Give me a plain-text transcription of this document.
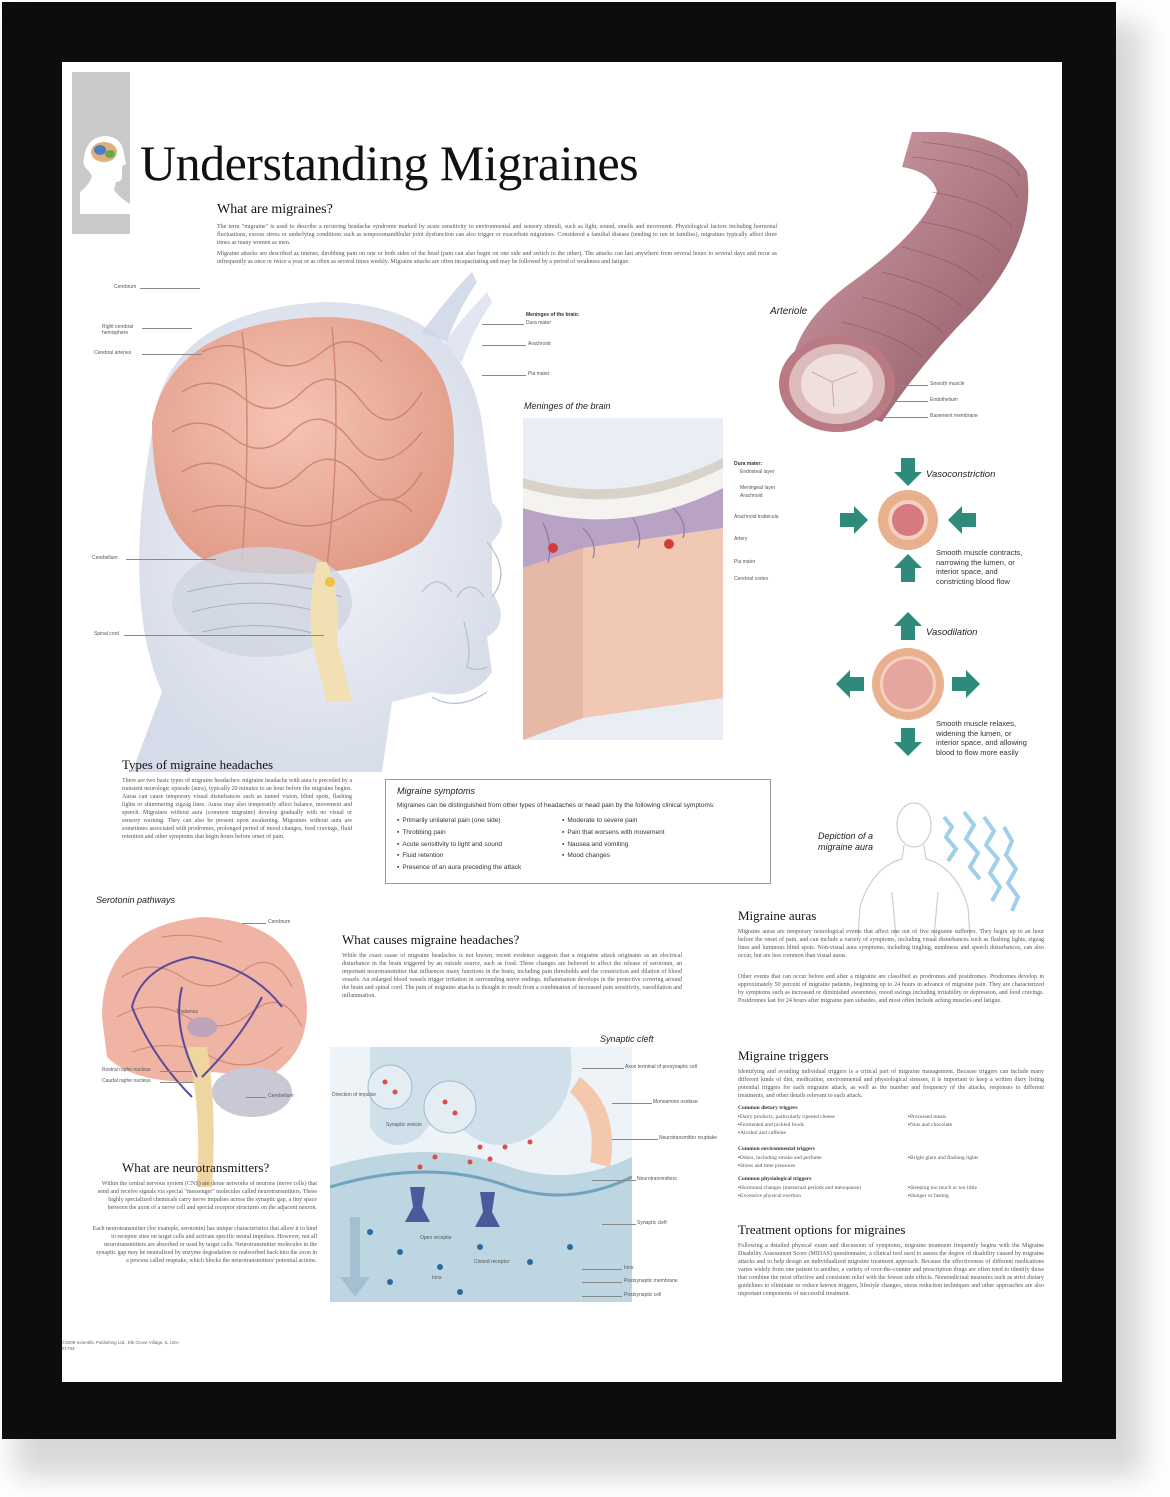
Understanding Migraines
What are migraines?
The term "migraine" is used to describe a recurring headache syndrome marked by acute sensitivity to environmental and sensory stimuli, such as light, sound, smells and movement. Physiological factors including hormonal fluctuations, excess stress or underlying conditions such as temporomandibular joint dysfunction can also trigger or exacerbate migraines. Considered a familial disease (tending to run in families), migraines typically affect three times as many women as men.
Migraine attacks are described as intense, throbbing pain on one or both sides of the head (pain can also begin on one side and switch to the other). The attacks can last anywhere from several hours to several days and recur as infrequently as once or twice a year or as often as several times weekly. Migraine attacks are often incapacitating and may be followed by a period of weakness and fatigue.
Cerebrum
Right cerebral hemisphere
Cerebral arteries
Cerebellum
Spinal cord
Meninges of the brain:
Dura mater
Arachnoid
Pia mater
Meninges of the brain
Dura mater:
Endosteal layer
Meningeal layer
Arachnoid
Arachnoid trabecula
Artery
Pia mater
Cerebral cortex
Arteriole
Smooth muscle
Endothelium
Basement membrane
Vasoconstriction
Smooth muscle contracts, narrowing the lumen, or interior space, and constricting blood flow
Vasodilation
Smooth muscle relaxes, widening the lumen, or interior space, and allowing blood to flow more easily
Types of migraine headaches
There are two basic types of migraine headaches: migraine headache with aura is preceded by a transient neurologic episode (aura), typically 20 minutes to an hour before the migraine begins. Auras can cause temporary visual disturbances such as tunnel vision, blind spots, flashing lights or shimmering zigzag lines. Auras may also temporarily affect balance, movement and speech. Migraines without aura (common migraine) develop gradually with no visual or sensory warning. They can also be present upon awakening. Migraines without aura are sometimes associated with prodromes, prolonged period of mood changes, food cravings, fluid retention and other symptoms that begin hours before onset of pain.
Migraine symptoms
Migraines can be distinguished from other types of headaches or head pain by the following clinical symptoms:
▪ Primarily unilateral pain (one side)
▪ Throbbing pain
▪ Acute sensitivity to light and sound
▪ Fluid retention
▪ Presence of an aura preceding the attack
▪ Moderate to severe pain
▪ Pain that worsens with movement
▪ Nausea and vomiting
▪ Mood changes
Depiction of a migraine aura
Serotonin pathways
Cerebrum
Thalamus
Rostral raphe nucleus
Caudal raphe nucleus
Cerebellum
What causes migraine headaches?
While the exact cause of migraine headaches is not known, recent evidence suggests that a migraine attack originates as an electrical disturbance in the brain triggered by an outside source, such as food. These changes are believed to affect the release of serotonin, an important neurotransmitter that influences many functions in the brain, including pain thresholds and the constriction and dilation of blood vessels. An enlarged blood vessels trigger irritation in surrounding nerve endings, inflammation develops in the protective covering around the brain and spinal cord. The pain of migraine attacks is thought to result from a combination of increased pain sensitivity, vasodilation and inflammation.
Migraine auras
Migraine auras are temporary neurological events that affect one out of five migraine sufferers. They begin up to an hour before the onset of pain, and can include a variety of symptoms, including visual disturbances such as flashing lights, zigzag lines and luminous blind spots. Non-visual aura symptoms, including tingling, numbness and speech disturbances, can also occur, but are less common than visual auras.
Other events that can occur before and after a migraine are classified as prodromes and postdromes. Prodromes develop in approximately 50 percent of migraine patients, beginning up to 24 hours in advance of migraine pain. They are characterized by symptoms such as increased or diminished awareness, mood swings including irritability or depression, and food cravings. Postdromes last for 24 hours after migraine pain subsides, and most often include aching muscles and fatigue.
Synaptic cleft
Direction of impulse
Synaptic vesicle
Open receptor
Closed receptor
Ions
Axon terminal of presynaptic cell
Monoamine oxidase
Neurotransmitter reuptake
Neurotransmitters
Synaptic cleft
Ions
Postsynaptic membrane
Postsynaptic cell
Migraine triggers
Identifying and avoiding individual triggers is a critical part of migraine management. Because triggers can include many different kinds of diet, medication, environmental and physiological stresses, it is important to keep a written diary listing potential triggers for each migraine attack, as well as the number and frequency of the attacks, responses to different treatments, and other details relevant to each attack.
Common dietary triggers
▪ Dairy products, particularly ripened cheese
▪ Fermented and pickled foods
▪ Alcohol and caffeine
▪ Processed meats
▪ Nuts and chocolate
Common environmental triggers
▪ Odors, including smoke and perfume
▪ Stress and time pressures
▪ Bright glare and flashing lights
Common physiological triggers
▪ Hormonal changes (menstrual periods and menopause)
▪ Excessive physical exertion
▪ Sleeping too much or too little
▪ Hunger or fasting
What are neurotransmitters?
Within the central nervous system (CNS) are dense networks of neurons (nerve cells) that send and receive signals via special "messenger" molecules called neurotransmitters. These highly specialized chemicals carry nerve impulses across the synaptic gap, a tiny space between the axon of a nerve cell and special receptor structures on the adjacent neuron.
Each neurotransmitter (for example, serotonin) has unique characteristics that allow it to bind to receptor sites on target cells and activate specific neural impulses. However, not all neurotransmitters are absorbed or used by target cells. Neurotransmitter molecules in the synaptic gap may be neutralized by enzyme degradation or reabsorbed back into the axon in a process called reuptake, which blocks the neurotransmitters' potential actions.
Treatment options for migraines
Following a detailed physical exam and discussion of symptoms, migraine treatment frequently begins with the Migraine Disability Assessment Score (MIDAS) questionnaire, a clinical tool used to assess the degree of disability caused by migraine attacks and to help design an individualized migraine treatment approach. Because the effectiveness of different medications varies widely from one patient to another, a variety of over-the-counter and prescription drugs are often tried to identify those that combine the most effective and consistent relief with the fewest side effects. Nonmedicinal measures such as strict dietary guidelines to eliminate or reduce known triggers, lifestyle changes, stress reduction techniques and other approaches are also important components of successful treatment.
©2009 Scientific Publishing Ltd., Elk Grove Village, IL USA
#1793
